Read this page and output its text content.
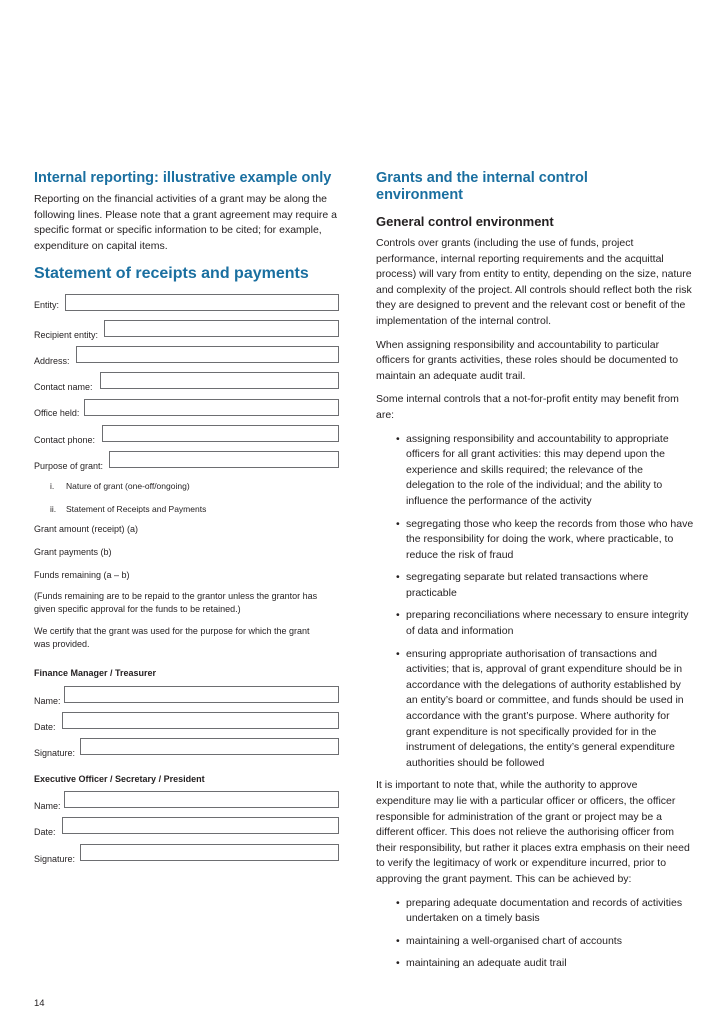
Internal reporting: illustrative example only

Reporting on the financial activities of a grant may be along the following lines. Please note that a grant agreement may require a specific format or specific information to be cited; for example, expenditure on capital items.

Statement of receipts and payments
Entity:
Recipient entity:
Address:
Contact name:
Office held:
Contact phone:
Purpose of grant:
i. Nature of grant (one-off/ongoing)
ii. Statement of Receipts and Payments
Grant amount (receipt) (a)
Grant payments (b)
Funds remaining (a – b)
(Funds remaining are to be repaid to the grantor unless the grantor has given specific approval for the funds to be retained.)
We certify that the grant was used for the purpose for which the grant was provided.
Finance Manager / Treasurer
Name:
Date:
Signature:
Executive Officer / Secretary / President
Name:
Date:
Signature:
Grants and the internal control environment
General control environment

Controls over grants (including the use of funds, project performance, internal reporting requirements and the acquittal process) will vary from entity to entity, depending on the size, nature and complexity of the project. All controls should reflect both the risk they are designed to prevent and the relevant cost or benefit of the implementation of the internal control.

When assigning responsibility and accountability to particular officers for grants activities, these roles should be documented to maintain an adequate audit trail.

Some internal controls that a not-for-profit entity may benefit from are:

• assigning responsibility and accountability to appropriate officers for all grant activities: this may depend upon the experience and skills required; the relevance of the delegation to the role of the individual; and the ability to influence the performance of the activity
• segregating those who keep the records from those who have the responsibility for doing the work, where practicable, to reduce the risk of fraud
• segregating separate but related transactions where practicable
• preparing reconciliations where necessary to ensure integrity of data and information
• ensuring appropriate authorisation of transactions and activities; that is, approval of grant expenditure should be in accordance with the delegations of authority established by an entity’s board or committee, and funds should be used in accordance with the grant’s purpose. Where authority for grant expenditure is not specifically provided for in the instrument of delegations, the entity’s general expenditure authorities should be followed

It is important to note that, while the authority to approve expenditure may lie with a particular officer or officers, the officer responsible for administration of the grant or project may be a different officer. This does not relieve the authorising officer from their responsibility, but rather it places extra emphasis on their need to verify the legitimacy of work or expenditure incurred, prior to approving the grant payment. This can be achieved by:

• preparing adequate documentation and records of activities undertaken on a timely basis
• maintaining a well-organised chart of accounts
• maintaining an adequate audit trail
14
